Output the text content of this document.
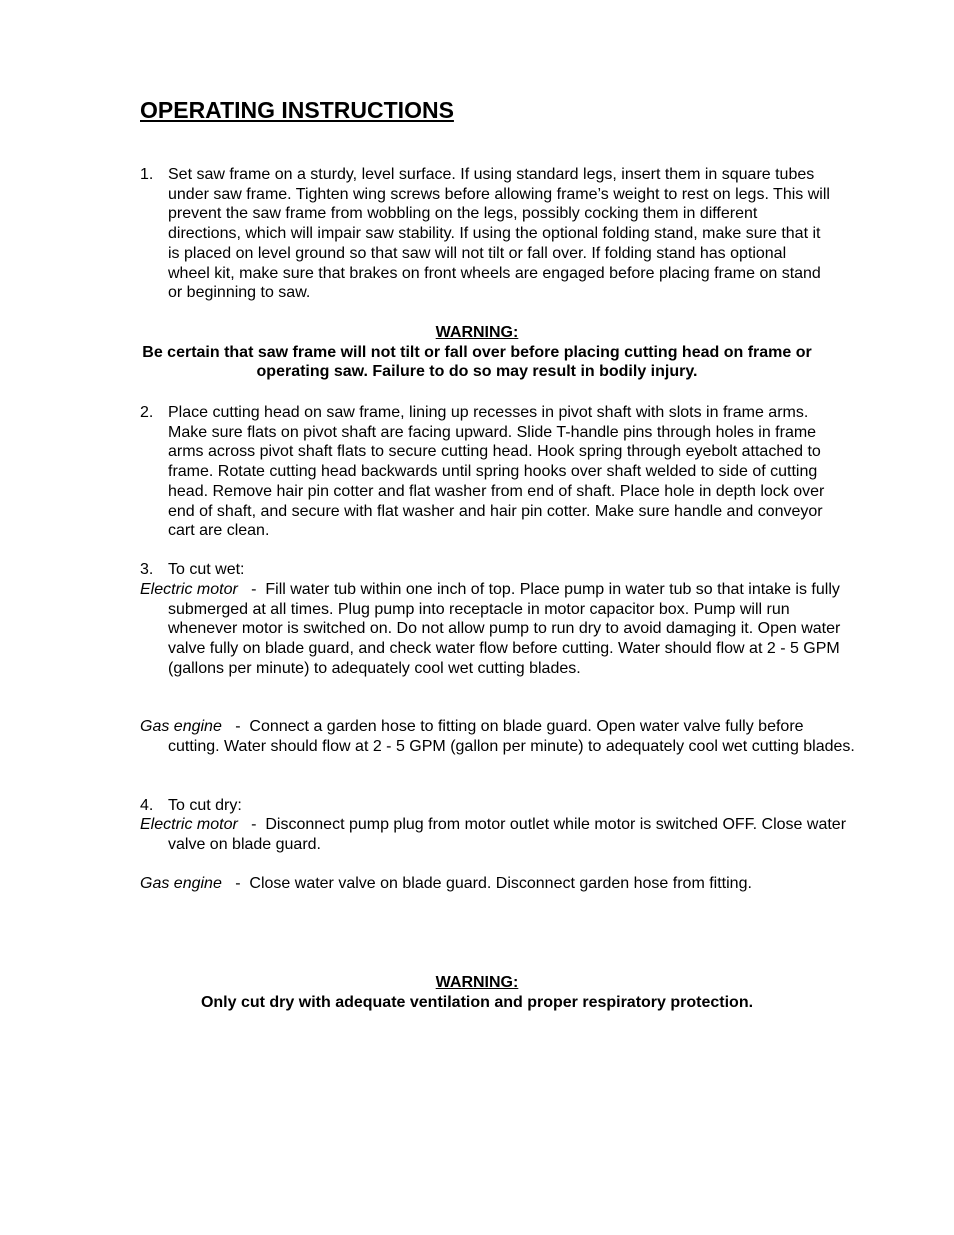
OPERATING INSTRUCTIONS

1. Set saw frame on a sturdy, level surface. If using standard legs, insert them in square tubes under saw frame. Tighten wing screws before allowing frame’s weight to rest on legs. This will prevent the saw frame from wobbling on the legs, possibly cocking them in different directions, which will impair saw stability. If using the optional folding stand, make sure that it is placed on level ground so that saw will not tilt or fall over. If folding stand has optional wheel kit, make sure that brakes on front wheels are engaged before placing frame on stand or beginning to saw.

WARNING:
Be certain that saw frame will not tilt or fall over before placing cutting head on frame or operating saw. Failure to do so may result in bodily injury.

2. Place cutting head on saw frame, lining up recesses in pivot shaft with slots in frame arms. Make sure flats on pivot shaft are facing upward. Slide T-handle pins through holes in frame arms across pivot shaft flats to secure cutting head. Hook spring through eyebolt attached to frame. Rotate cutting head backwards until spring hooks over shaft welded to side of cutting head. Remove hair pin cotter and flat washer from end of shaft. Place hole in depth lock over end of shaft, and secure with flat washer and hair pin cotter. Make sure handle and conveyor cart are clean.

3. To cut wet:

Electric motor - Fill water tub within one inch of top. Place pump in water tub so that intake is fully submerged at all times. Plug pump into receptacle in motor capacitor box. Pump will run whenever motor is switched on. Do not allow pump to run dry to avoid damaging it. Open water valve fully on blade guard, and check water flow before cutting. Water should flow at 2 - 5 GPM (gallons per minute) to adequately cool wet cutting blades.

Gas engine - Connect a garden hose to fitting on blade guard. Open water valve fully before cutting. Water should flow at 2 - 5 GPM (gallon per minute) to adequately cool wet cutting blades.

4. To cut dry:

Electric motor - Disconnect pump plug from motor outlet while motor is switched OFF. Close water valve on blade guard.

Gas engine - Close water valve on blade guard. Disconnect garden hose from fitting.

WARNING:
Only cut dry with adequate ventilation and proper respiratory protection.
